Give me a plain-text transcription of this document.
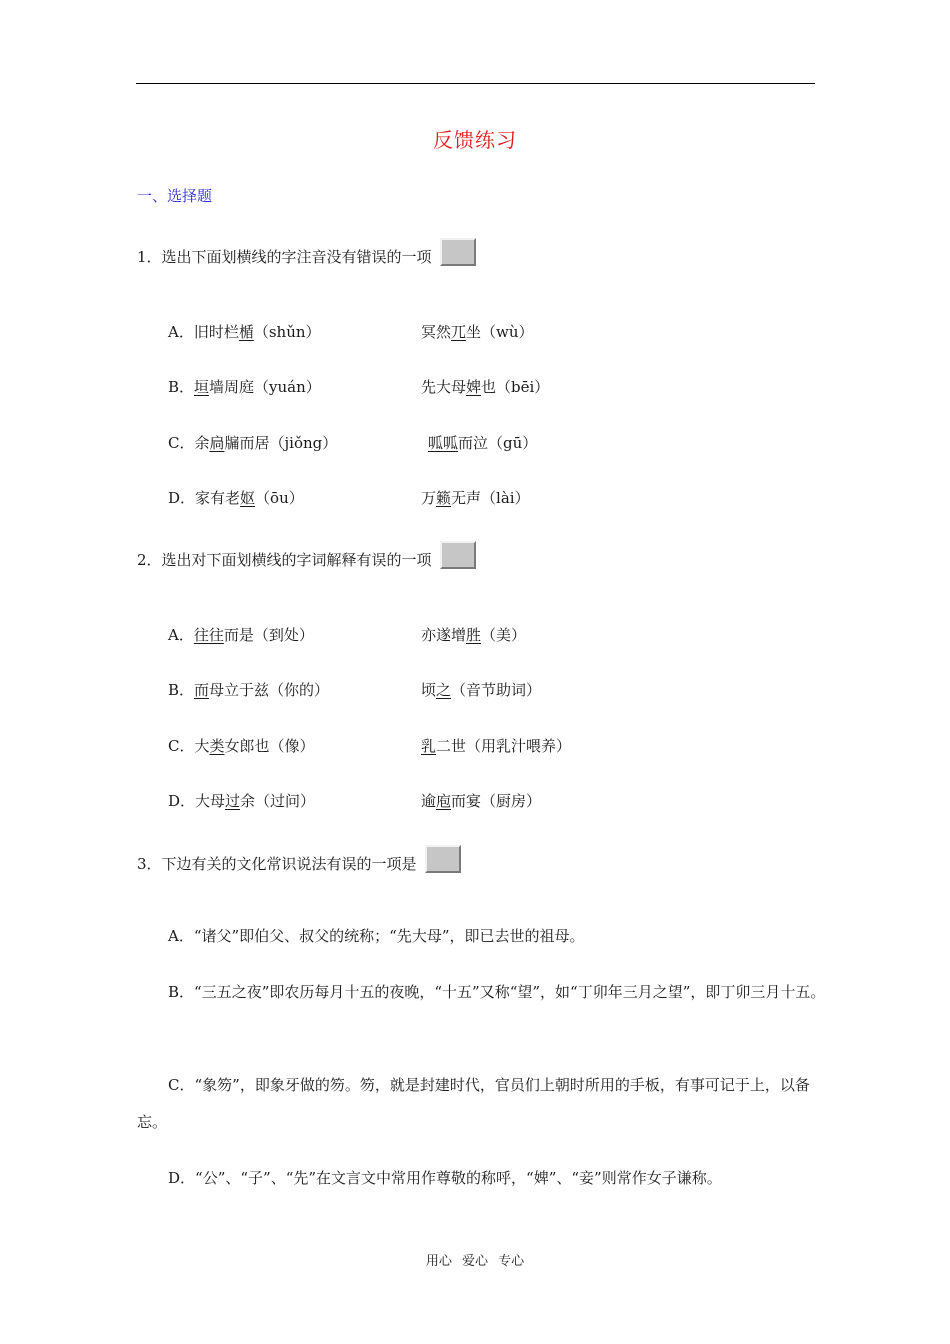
反馈练习
一、选择题
1．选出下面划横线的字注音没有错误的一项
A．旧时栏楯（shǔn）	冥然兀坐（wù）
B．垣墙周庭（yuán）	先大母婢也（bēi）
C．余扃牖而居（jiǒng）	呱呱而泣（gū）
D．家有老妪（ōu）	万籁无声（lài）
2．选出对下面划横线的字词解释有误的一项
A．往往而是（到处）	亦遂增胜（美）
B．而母立于兹（你的）	顷之（音节助词）
C．大类女郎也（像）	乳二世（用乳汁喂养）
D．大母过余（过问）	逾庖而宴（厨房）
3．下边有关的文化常识说法有误的一项是
A．“诸父”即伯父、叔父的统称；“先大母”，即已去世的祖母。
B．“三五之夜”即农历每月十五的夜晚，“十五”又称“望”，如“丁卯年三月之望”，即丁卯三月十五。
C．“象笏”，即象牙做的笏。笏，就是封建时代，官员们上朝时所用的手板，有事可记于上，以备忘。
D．“公”、“子”、“先”在文言文中常用作尊敬的称呼，“婢”、“妾”则常作女子谦称。
用心 爱心 专心
